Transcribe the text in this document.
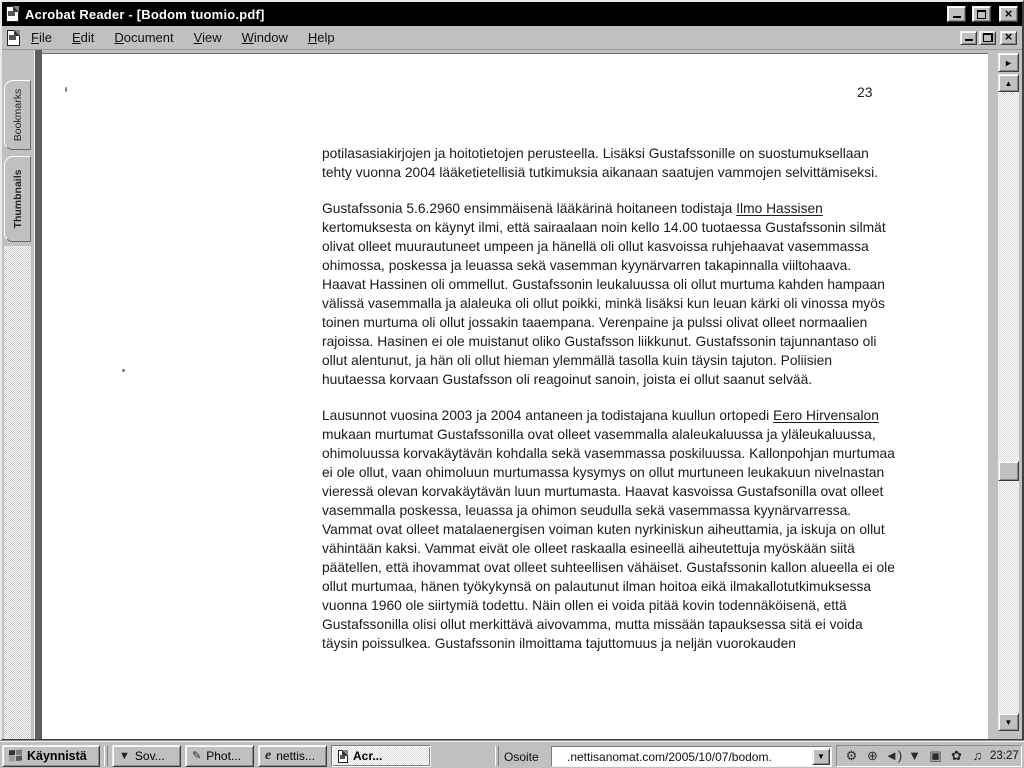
Acrobat Reader - [Bodom tuomio.pdf]	×
File	Edit	Document	View	Window	Help	×
Bookmarks
Thumbnails
23
potilasasiakirjojen ja hoitotietojen perusteella. Lisäksi Gustafssonille on suostumuksellaan tehty vuonna 2004 lääketietellisiä tutkimuksia aikanaan saatujen vammojen selvittämiseksi.
Gustafssonia 5.6.2960 ensimmäisenä lääkärinä hoitaneen todistaja Ilmo Hassisen kertomuksesta on käynyt ilmi, että sairaalaan noin kello 14.00 tuotaessa Gustafssonin silmät olivat olleet muurautuneet umpeen ja hänellä oli ollut kasvoissa ruhjehaavat vasemmassa ohimossa, poskessa ja leuassa sekä vasemman kyynärvarren takapinnalla viiltohaava. Haavat Hassinen oli ommellut. Gustafssonin leukaluussa oli ollut murtuma kahden hampaan välissä vasemmalla ja alaleuka oli ollut poikki, minkä lisäksi kun leuan kärki oli vinossa myös toinen murtuma oli ollut jossakin taaempana. Verenpaine ja pulssi olivat olleet normaalien rajoissa. Hasinen ei ole muistanut oliko Gustafsson liikkunut. Gustafssonin tajunnantaso oli ollut alentunut, ja hän oli ollut hieman ylemmällä tasolla kuin täysin tajuton. Poliisien huutaessa korvaan Gustafsson oli reagoinut sanoin, joista ei ollut saanut selvää.
Lausunnot vuosina 2003 ja 2004 antaneen ja todistajana kuullun ortopedi Eero Hirvensalon mukaan murtumat Gustafssonilla ovat olleet vasemmalla alaleukaluussa ja yläleukaluussa, ohimoluussa korvakäytävän kohdalla sekä vasemmassa poskiluussa. Kallonpohjan murtumaa ei ole ollut, vaan ohimoluun murtumassa kysymys on ollut murtuneen leukakuun nivelnastan vieressä olevan korvakäytävän luun murtumasta. Haavat kasvoissa Gustafsonilla ovat olleet vasemmalla poskessa, leuassa ja ohimon seudulla sekä vasemmassa kyynärvarressa. Vammat ovat olleet matalaenergisen voiman kuten nyrkiniskun aiheuttamia, ja iskuja on ollut vähintään kaksi. Vammat eivät ole olleet raskaalla esineellä aiheutettuja myöskään siitä päätellen, että ihovammat ovat olleet suhteellisen vähäiset. Gustafssonin kallon alueella ei ole ollut murtumaa, hänen työkykynsä on palautunut ilman hoitoa eikä ilmakallotutkimuksessa vuonna 1960 ole siirtymiä todettu. Näin ollen ei voida pitää kovin todennäköisenä, että Gustafssonilla olisi ollut merkittävä aivovamma, mutta missään tapauksessa sitä ei voida täysin poissulkea. Gustafssonin ilmoittama tajuttomuus ja neljän vuorokauden
►
▲
▼
Käynnistä	▼ Sov... ✎ Phot... e nettis...	Acr...	Osoite	.nettisanomat.com/2005/10/07/bodom.	▼ ⚙ ⊕ ◄) ▼ ▣ ✿ ♫ 23:27
